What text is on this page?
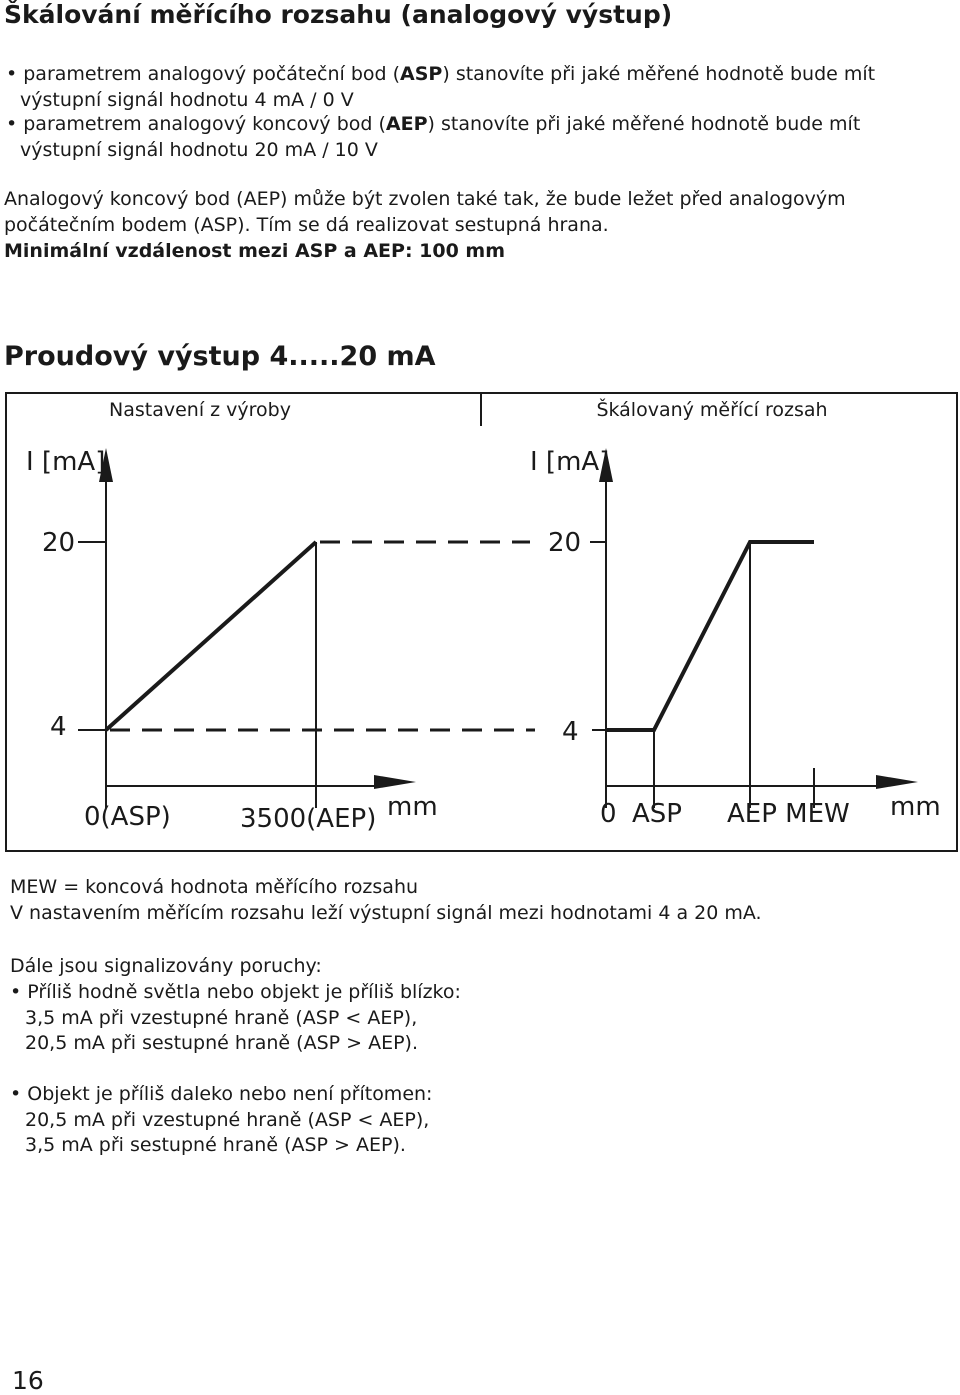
Škálování měřícího rozsahu (analogový výstup)
• parametrem analogový počáteční bod (ASP) stanovíte při jaké měřené hodnotě bude mít
výstupní signál hodnotu 4 mA / 0 V
• parametrem analogový koncový bod (AEP) stanovíte při jaké měřené hodnotě bude mít
výstupní signál hodnotu 20 mA / 10 V
Analogový koncový bod (AEP) může být zvolen také tak, že bude ležet před analogovým
počátečním bodem (ASP). Tím se dá realizovat sestupná hrana.
Minimální vzdálenost mezi ASP a AEP: 100 mm
Proudový výstup 4.....20 mA
Nastavení z výroby	Škálovaný měřící rozsah
I [mA]
20
4
0(ASP)	3500(AEP) mm
I [mA]
20
4
0 ASP AEP MEW mm
MEW = koncová hodnota měřícího rozsahu
V nastavením měřícím rozsahu leží výstupní signál mezi hodnotami 4 a 20 mA.
Dále jsou signalizovány poruchy:
• Příliš hodně světla nebo objekt je příliš blízko:
3,5 mA při vzestupné hraně (ASP < AEP),
20,5 mA při sestupné hraně (ASP > AEP).
• Objekt je příliš daleko nebo není přítomen:
20,5 mA při vzestupné hraně (ASP < AEP),
3,5 mA při sestupné hraně (ASP > AEP).
16
